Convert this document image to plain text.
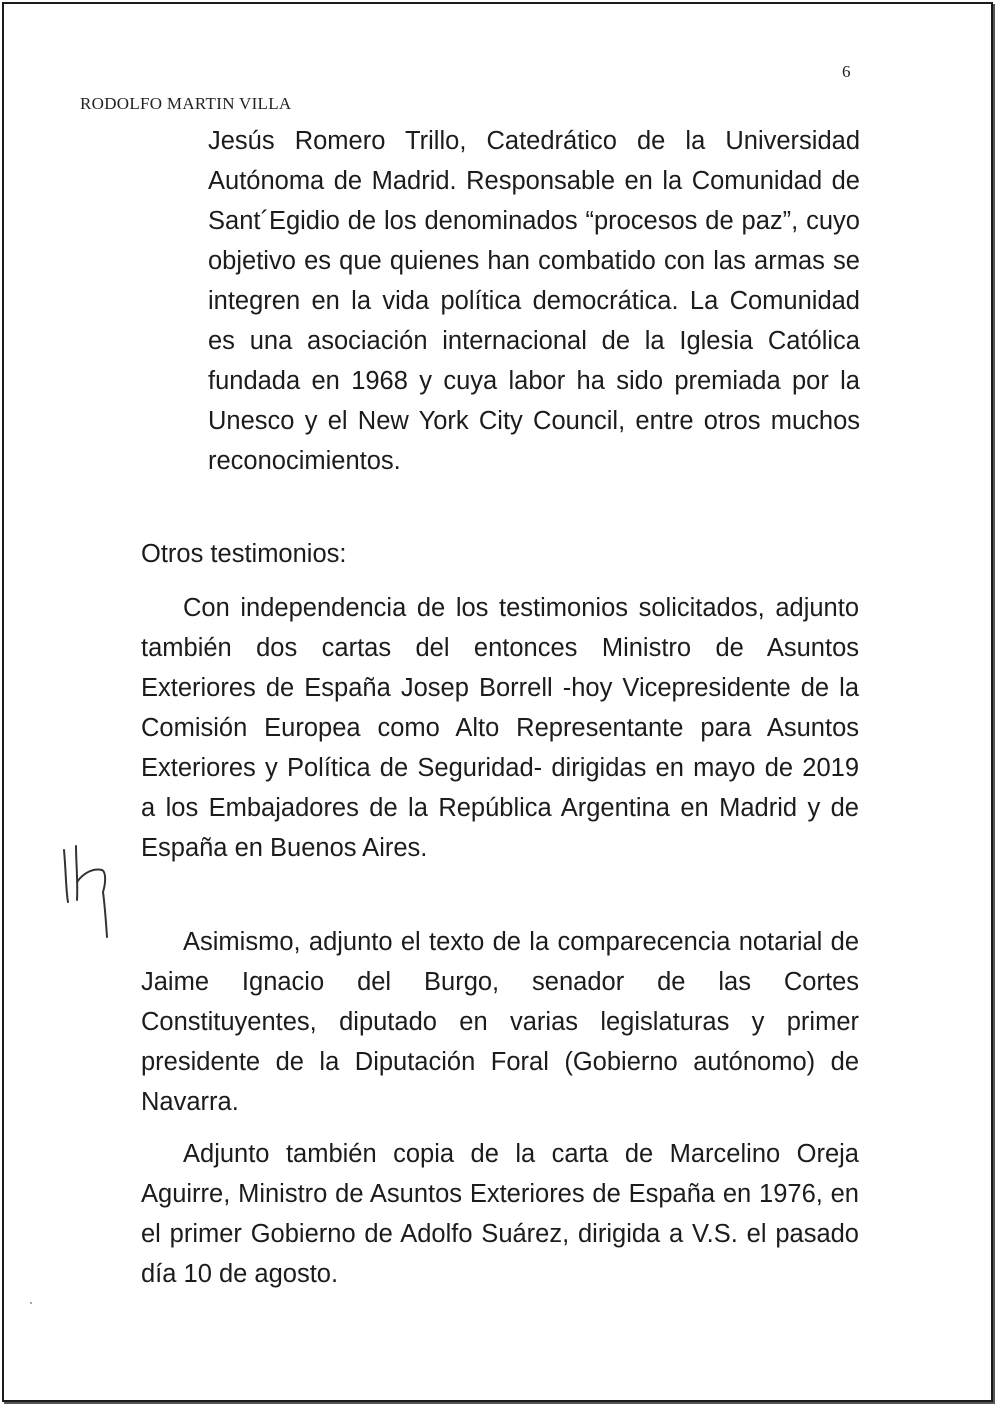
6
RODOLFO MARTIN VILLA

Jesús Romero Trillo, Catedrático de la Universidad Autónoma de Madrid. Responsable en la Comunidad de Sant´Egidio de los denominados “procesos de paz”, cuyo objetivo es que quienes han combatido con las armas se integren en la vida política democrática. La Comunidad es una asociación internacional de la Iglesia Católica fundada en 1968 y cuya labor ha sido premiada por la Unesco y el New York City Council, entre otros muchos reconocimientos.

Otros testimonios:

Con independencia de los testimonios solicitados, adjunto también dos cartas del entonces Ministro de Asuntos Exteriores de España Josep Borrell -hoy Vicepresidente de la Comisión Europea como Alto Representante para Asuntos Exteriores y Política de Seguridad- dirigidas en mayo de 2019 a los Embajadores de la República Argentina en Madrid y de España en Buenos Aires.

Asimismo, adjunto el texto de la comparecencia notarial de Jaime Ignacio del Burgo, senador de las Cortes Constituyentes, diputado en varias legislaturas y primer presidente de la Diputación Foral (Gobierno autónomo) de Navarra.

Adjunto también copia de la carta de Marcelino Oreja Aguirre, Ministro de Asuntos Exteriores de España en 1976, en el primer Gobierno de Adolfo Suárez, dirigida a V.S. el pasado día 10 de agosto.
